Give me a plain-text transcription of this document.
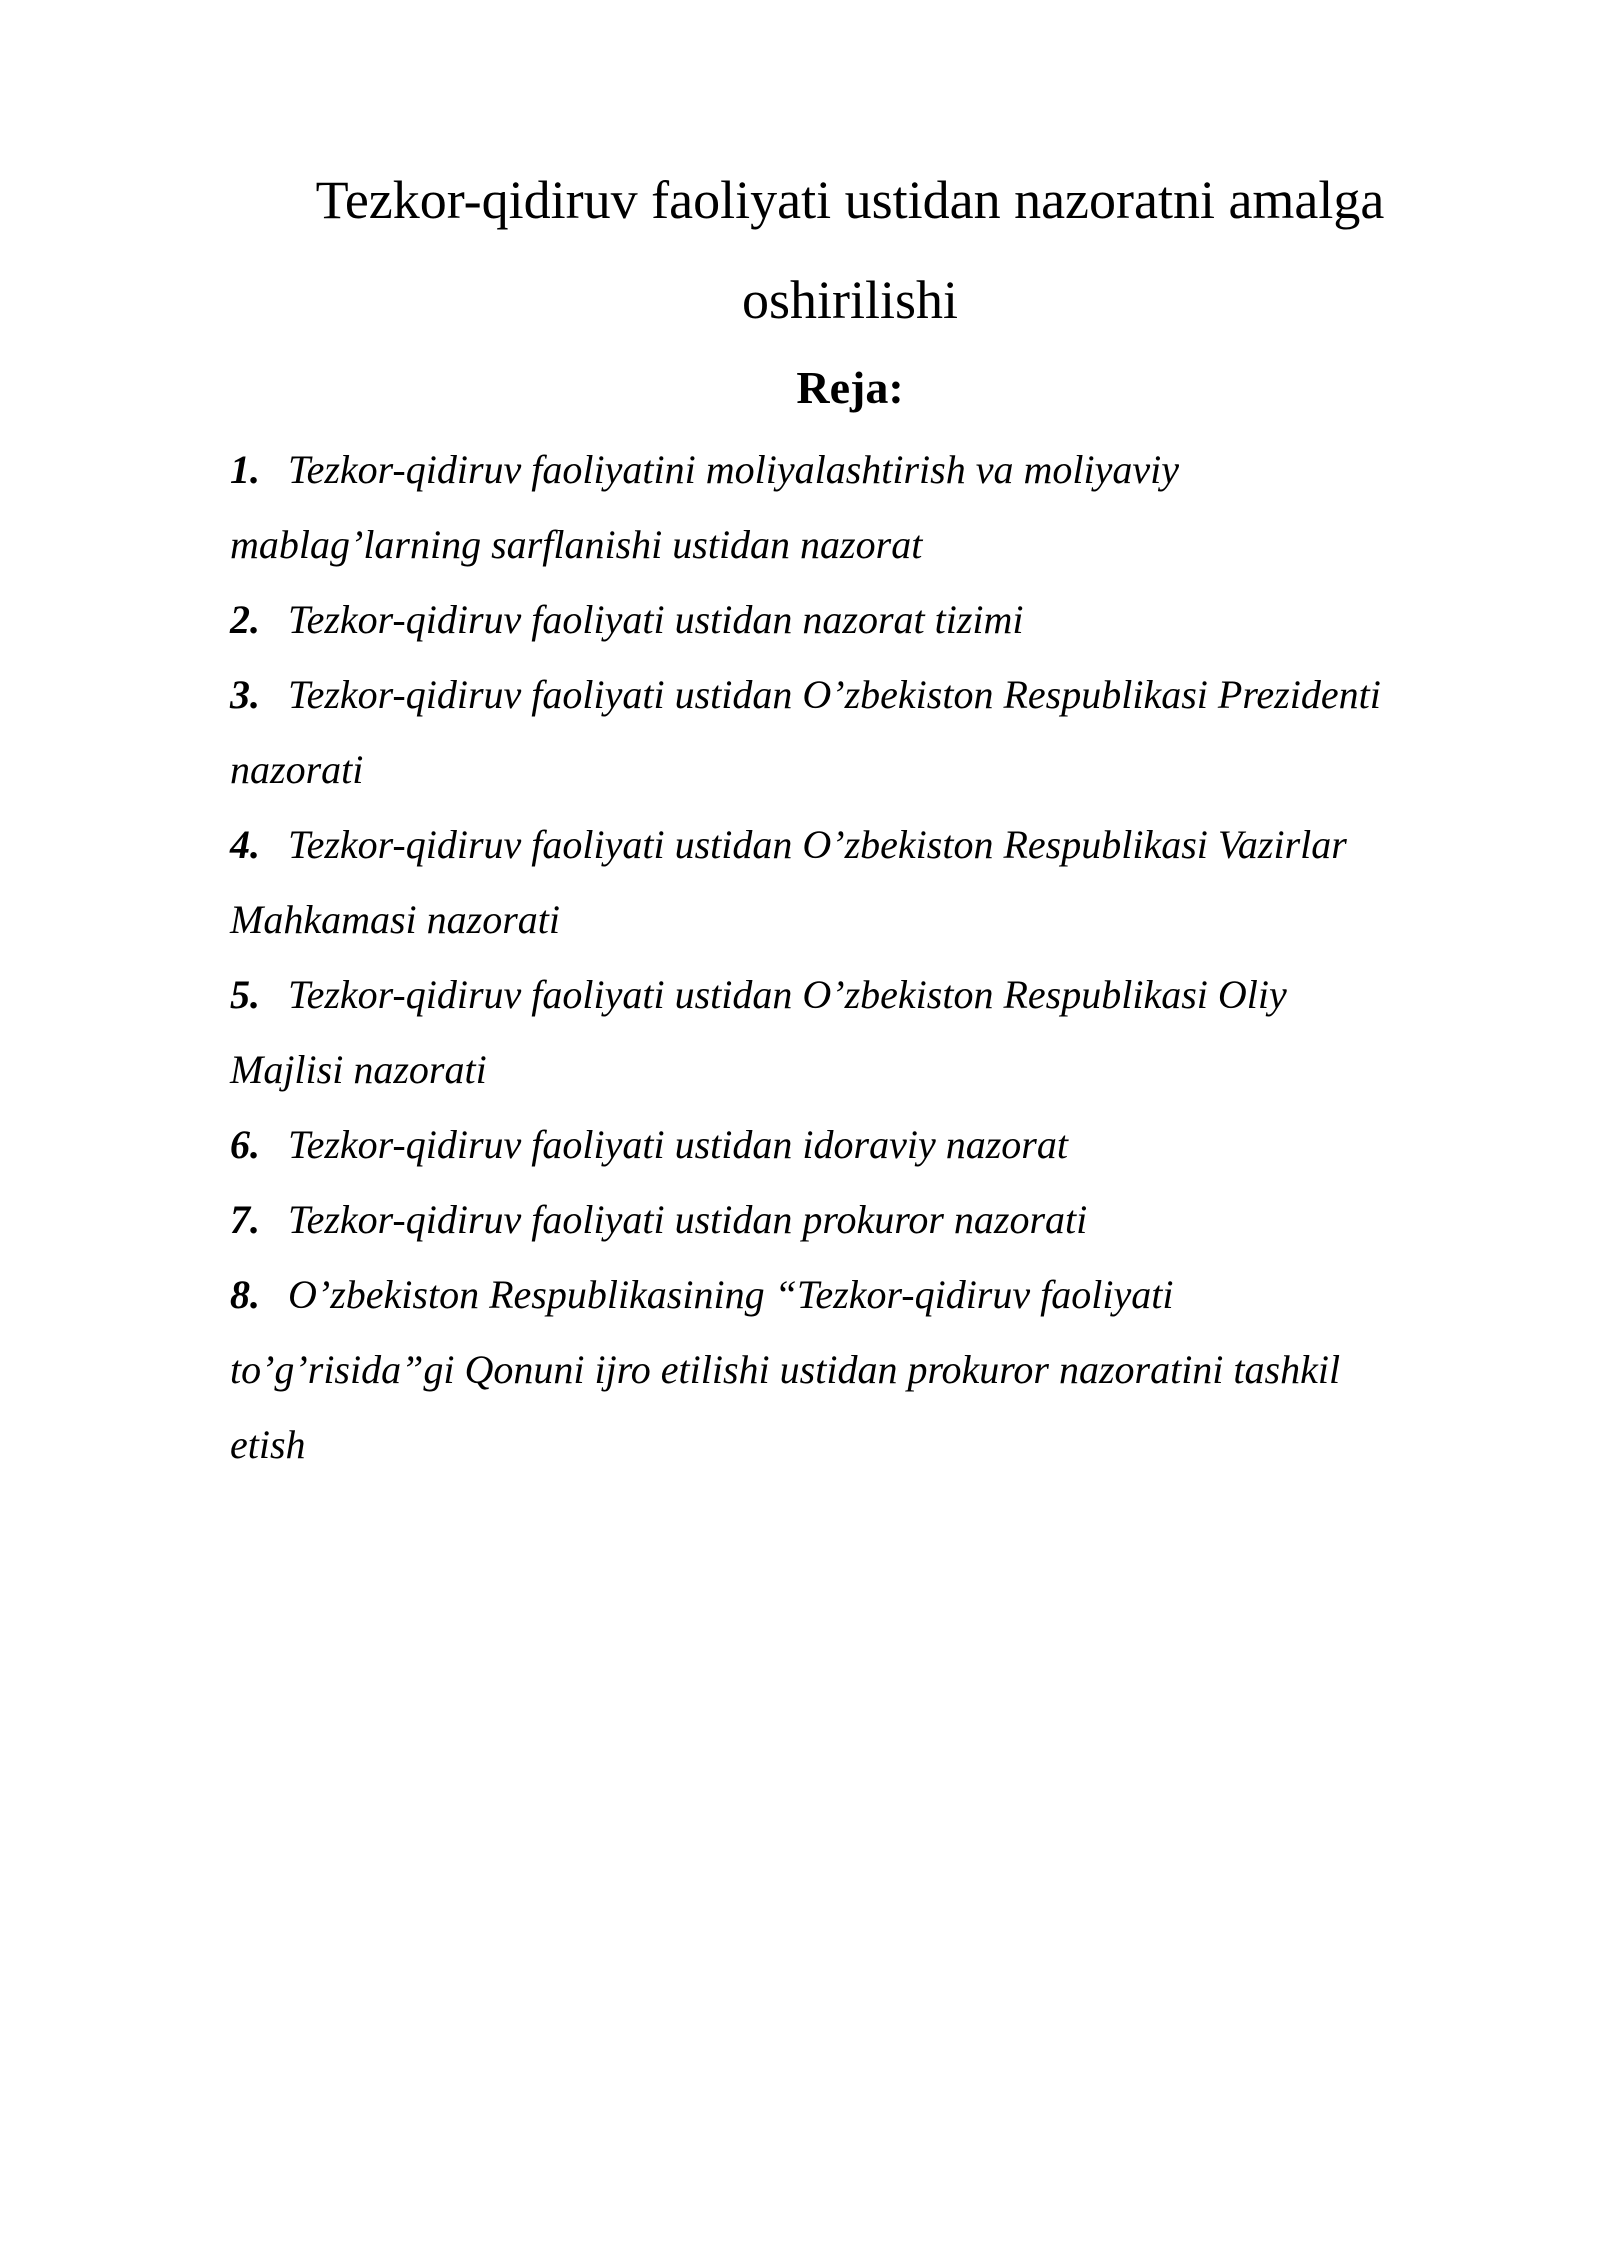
Tezkor-qidiruv faoliyati ustidan nazoratni amalga
oshirilishi
Reja:
1. Tezkor-qidiruv faoliyatini moliyalashtirish va moliyaviy
mablag’larning sarflanishi ustidan nazorat
2. Tezkor-qidiruv faoliyati ustidan nazorat tizimi
3. Tezkor-qidiruv faoliyati ustidan O’zbekiston Respublikasi Prezidenti
nazorati
4. Tezkor-qidiruv faoliyati ustidan O’zbekiston Respublikasi Vazirlar
Mahkamasi nazorati
5. Tezkor-qidiruv faoliyati ustidan O’zbekiston Respublikasi Oliy
Majlisi nazorati
6. Tezkor-qidiruv faoliyati ustidan idoraviy nazorat
7. Tezkor-qidiruv faoliyati ustidan prokuror nazorati
8. O’zbekiston Respublikasining “Tezkor-qidiruv faoliyati
to’g’risida”gi Qonuni ijro etilishi ustidan prokuror nazoratini tashkil
etish
